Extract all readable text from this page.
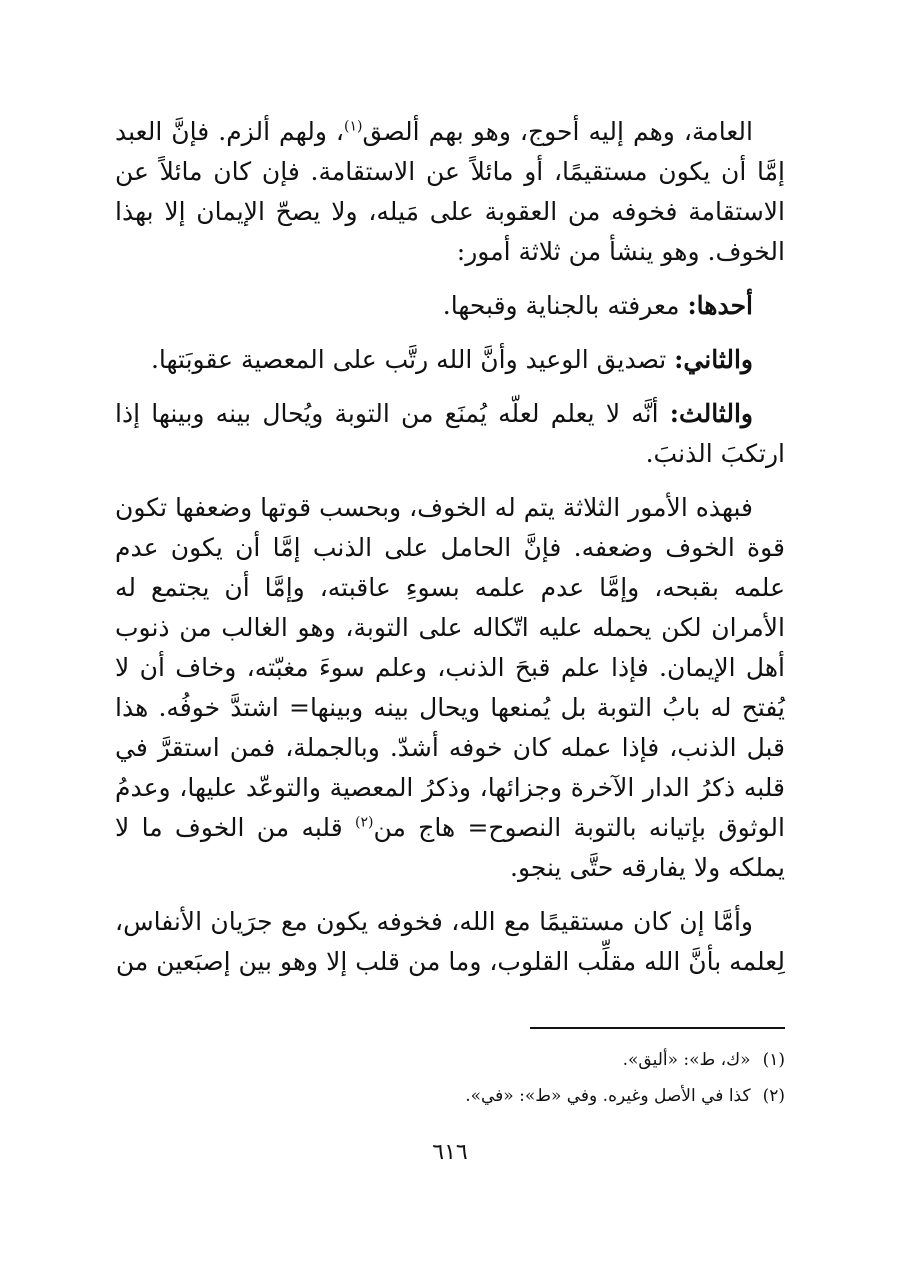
العامة، وهم إليه أحوج، وهو بهم ألصق$^{(١)}$، ولهم ألزم. فإنَّ العبد إمَّا أن يكون مستقيمًا، أو مائلاً عن الاستقامة. فإن كان مائلاً عن الاستقامة فخوفه من العقوبة على مَيله، ولا يصحّ الإيمان إلا بهذا الخوف. وهو ينشأ من ثلاثة أمور:

أحدها: معرفته بالجناية وقبحها.

والثاني: تصديق الوعيد وأنَّ الله رتَّب على المعصية عقوبَتها.

والثالث: أنَّه لا يعلم لعلّه يُمنَع من التوبة ويُحال بينه وبينها إذا ارتكبَ الذنبَ.

فبهذه الأمور الثلاثة يتم له الخوف، وبحسب قوتها وضعفها تكون قوة الخوف وضعفه. فإنَّ الحامل على الذنب إمَّا أن يكون عدم علمه بقبحه، وإمَّا عدم علمه بسوءِ عاقبته، وإمَّا أن يجتمع له الأمران لكن يحمله عليه اتّكاله على التوبة، وهو الغالب من ذنوب أهل الإيمان. فإذا علم قبحَ الذنب، وعلم سوءَ مغبّته، وخاف أن لا يُفتح له بابُ التوبة بل يُمنعها ويحال بينه وبينها= اشتدَّ خوفُه. هذا قبل الذنب، فإذا عمله كان خوفه أشدّ. وبالجملة، فمن استقرَّ في قلبه ذكرُ الدار الآخرة وجزائها، وذكرُ المعصية والتوعّد عليها، وعدمُ الوثوق بإتيانه بالتوبة النصوح= هاج من$^{(٢)}$ قلبه من الخوف ما لا يملكه ولا يفارقه حتَّى ينجو.

وأمَّا إن كان مستقيمًا مع الله، فخوفه يكون مع جرَيان الأنفاس، لِعلمه بأنَّ الله مقلِّب القلوب، وما من قلب إلا وهو بين إصبَعين من

(١)«ك، ط»: «أليق».
(٢)كذا في الأصل وغيره. وفي «ط»: «في».
٦١٦
